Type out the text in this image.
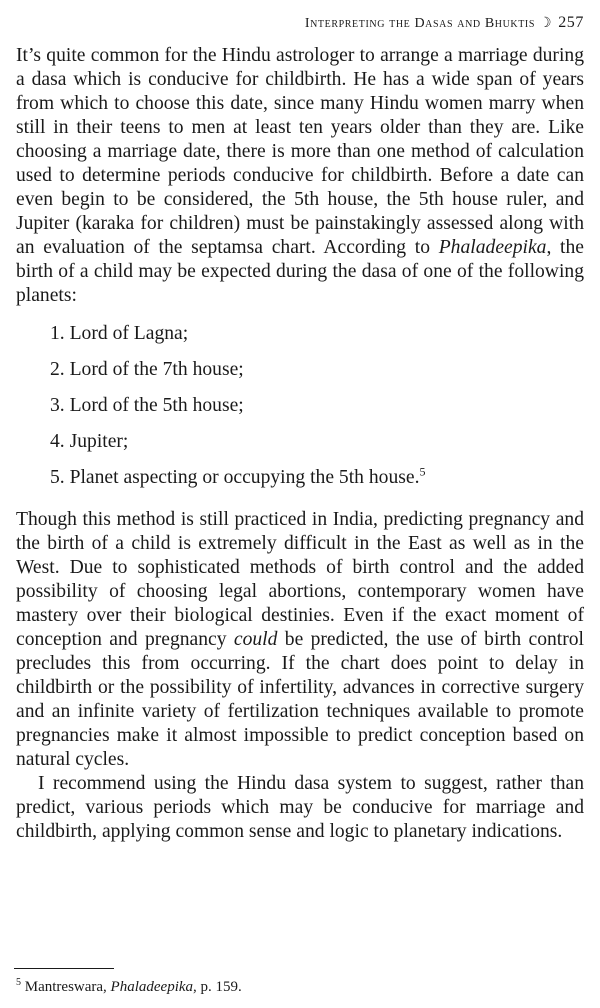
Interpreting the Dasas and Bhuktis ☽ 257

It’s quite common for the Hindu astrologer to arrange a marriage during a dasa which is conducive for childbirth. He has a wide span of years from which to choose this date, since many Hindu women marry when still in their teens to men at least ten years older than they are. Like choosing a marriage date, there is more than one method of calculation used to determine periods conducive for childbirth. Before a date can even begin to be considered, the 5th house, the 5th house ruler, and Jupiter (karaka for children) must be painstakingly assessed along with an evaluation of the septamsa chart. According to Phaladeepika, the birth of a child may be expected during the dasa of one of the following planets:

1. Lord of Lagna;
2. Lord of the 7th house;
3. Lord of the 5th house;
4. Jupiter;
5. Planet aspecting or occupying the 5th house.$^5$

Though this method is still practiced in India, predicting pregnancy and the birth of a child is extremely difficult in the East as well as in the West. Due to sophisticated methods of birth control and the added possibility of choosing legal abortions, contemporary women have mastery over their biological destinies. Even if the exact moment of conception and pregnancy could be predicted, the use of birth control precludes this from occurring. If the chart does point to delay in childbirth or the possibility of infertility, advances in corrective surgery and an infinite variety of fertilization techniques available to promote pregnancies make it almost impossible to predict conception based on natural cycles.

I recommend using the Hindu dasa system to suggest, rather than predict, various periods which may be conducive for marriage and childbirth, applying common sense and logic to planetary indications.

$^5$ Mantreswara, Phaladeepika, p. 159.
